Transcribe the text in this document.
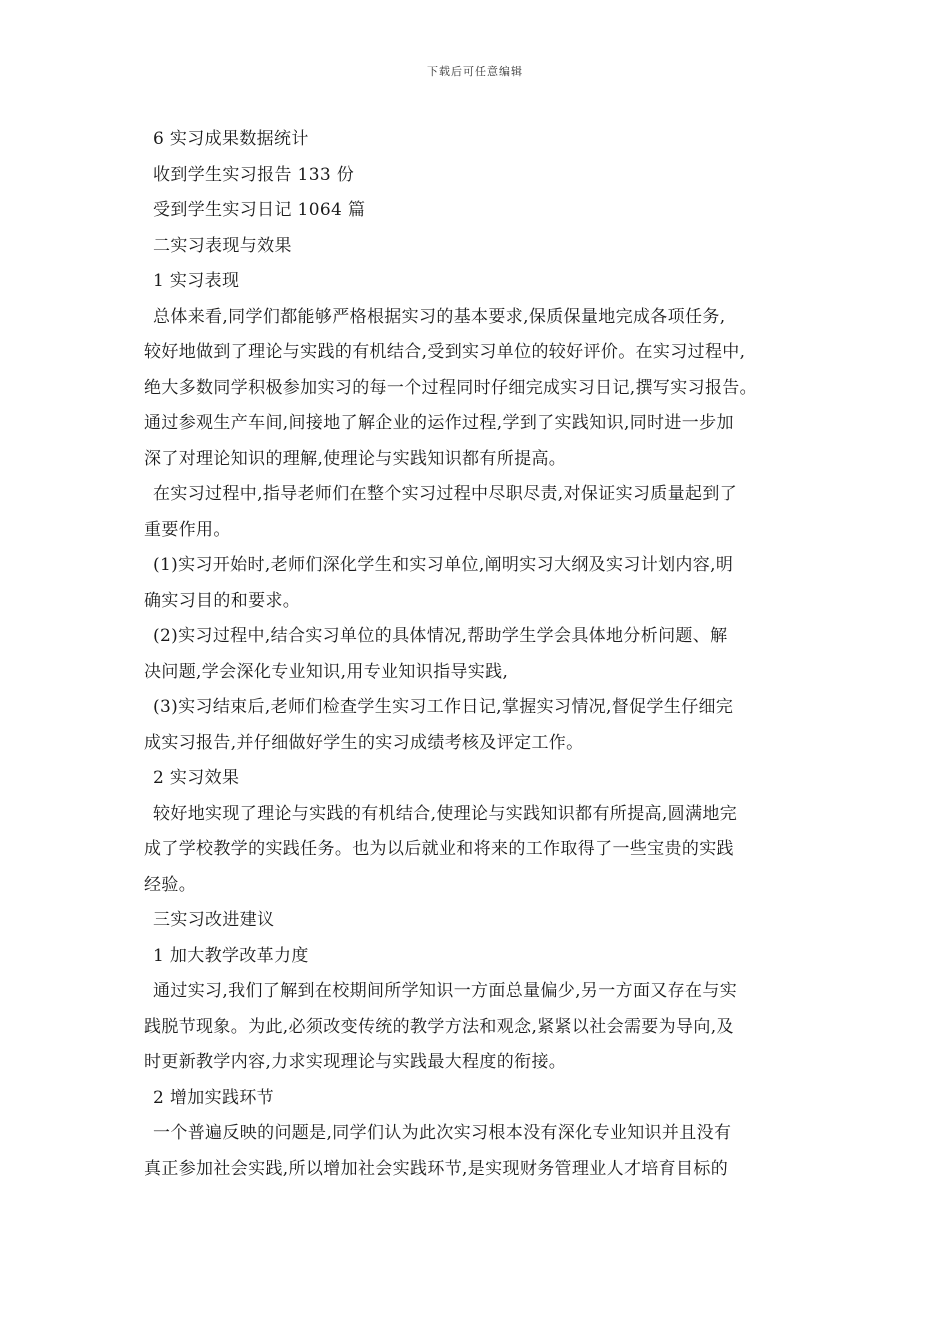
下载后可任意编辑
6 实习成果数据统计
收到学生实习报告 133 份
受到学生实习日记 1064 篇
二实习表现与效果
1 实习表现
总体来看,同学们都能够严格根据实习的基本要求,保质保量地完成各项任务,
较好地做到了理论与实践的有机结合,受到实习单位的较好评价。在实习过程中,
绝大多数同学积极参加实习的每一个过程同时仔细完成实习日记,撰写实习报告。
通过参观生产车间,间接地了解企业的运作过程,学到了实践知识,同时进一步加
深了对理论知识的理解,使理论与实践知识都有所提高。
在实习过程中,指导老师们在整个实习过程中尽职尽责,对保证实习质量起到了
重要作用。
(1)实习开始时,老师们深化学生和实习单位,阐明实习大纲及实习计划内容,明
确实习目的和要求。
(2)实习过程中,结合实习单位的具体情况,帮助学生学会具体地分析问题、解
决问题,学会深化专业知识,用专业知识指导实践,
(3)实习结束后,老师们检查学生实习工作日记,掌握实习情况,督促学生仔细完
成实习报告,并仔细做好学生的实习成绩考核及评定工作。
2 实习效果
较好地实现了理论与实践的有机结合,使理论与实践知识都有所提高,圆满地完
成了学校教学的实践任务。也为以后就业和将来的工作取得了一些宝贵的实践
经验。
三实习改进建议
1 加大教学改革力度
通过实习,我们了解到在校期间所学知识一方面总量偏少,另一方面又存在与实
践脱节现象。为此,必须改变传统的教学方法和观念,紧紧以社会需要为导向,及
时更新教学内容,力求实现理论与实践最大程度的衔接。
2 增加实践环节
一个普遍反映的问题是,同学们认为此次实习根本没有深化专业知识并且没有
真正参加社会实践,所以增加社会实践环节,是实现财务管理业人才培育目标的
